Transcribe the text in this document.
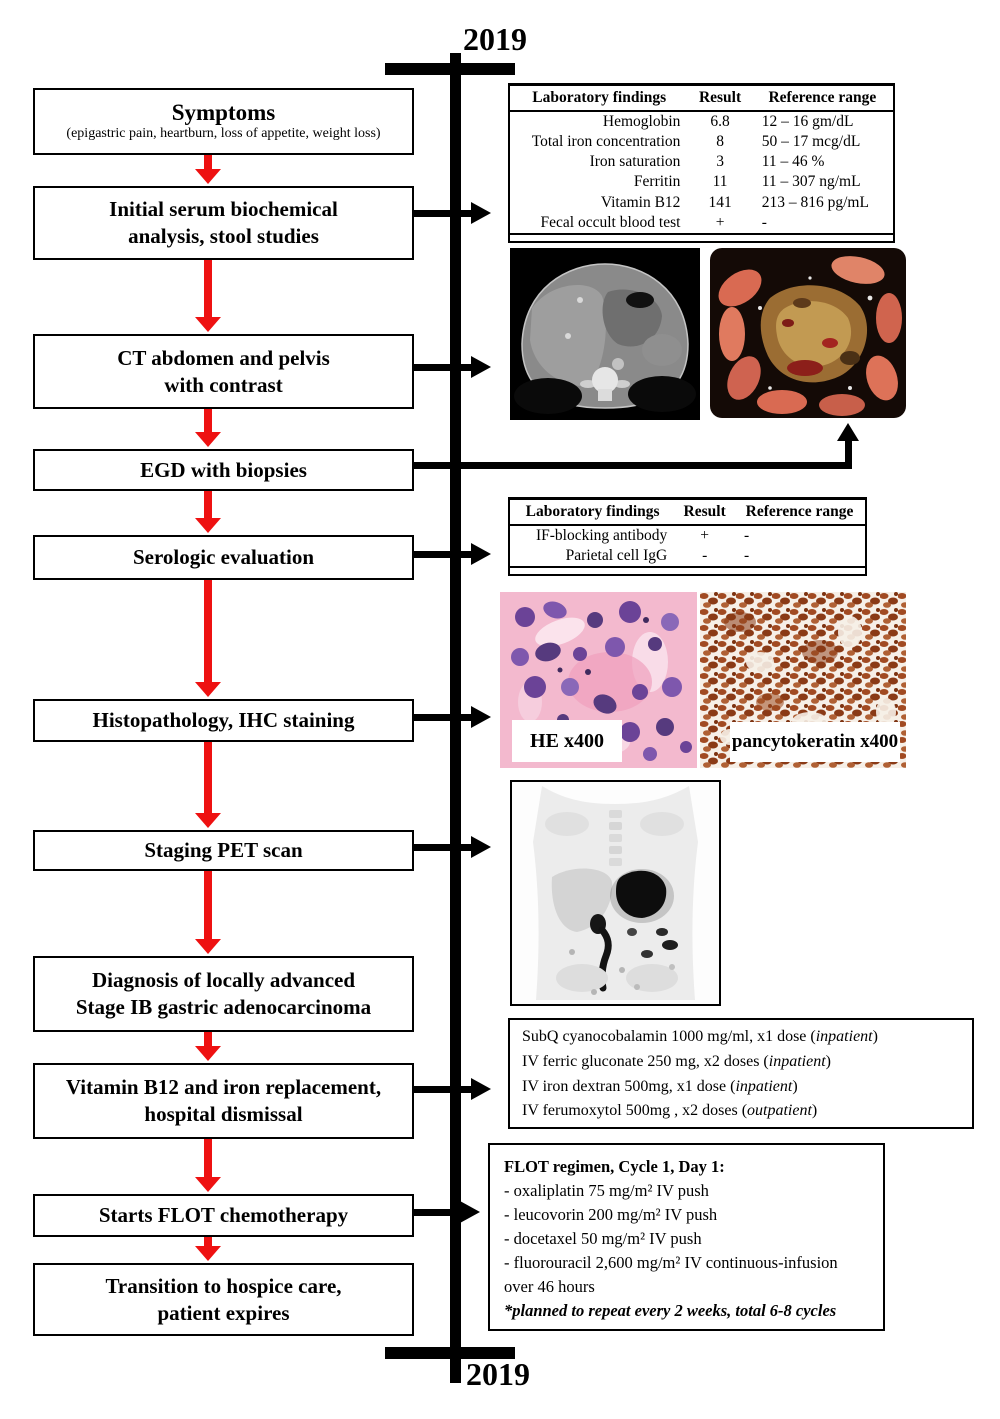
2019
2019
Symptoms
(epigastric pain, heartburn, loss of appetite, weight loss)
Initial serum biochemical
analysis, stool studies
CT abdomen and pelvis
with contrast
EGD with biopsies
Serologic evaluation
Histopathology, IHC staining
Staging PET scan
Diagnosis of locally advanced
Stage IB gastric adenocarcinoma
Vitamin B12 and iron replacement,
hospital dismissal
Starts FLOT chemotherapy
Transition to hospice care,
patient expires
Laboratory findings	Result	Reference range
Hemoglobin	6.8	12 – 16 gm/dL
Total iron concentration	8	50 – 17 mcg/dL
Iron saturation	3	11 – 46 %
Ferritin	11	11 – 307 ng/mL
Vitamin B12	141	213 – 816 pg/mL
Fecal occult blood test	+	-
Laboratory findings	Result	Reference range
IF-blocking antibody	+	-
Parietal cell IgG	-	-
HE x400	pancytokeratin x400
SubQ cyanocobalamin 1000 mg/ml, x1 dose (inpatient)
IV ferric gluconate 250 mg, x2 doses (inpatient)
IV iron dextran 500mg, x1 dose (inpatient)
IV ferumoxytol 500mg , x2 doses (outpatient)
FLOT regimen, Cycle 1, Day 1:
- oxaliplatin 75 mg/m² IV push
- leucovorin 200 mg/m² IV push
- docetaxel 50 mg/m² IV push
- fluorouracil 2,600 mg/m² IV continuous-infusion over 46 hours
*planned to repeat every 2 weeks, total 6-8 cycles
